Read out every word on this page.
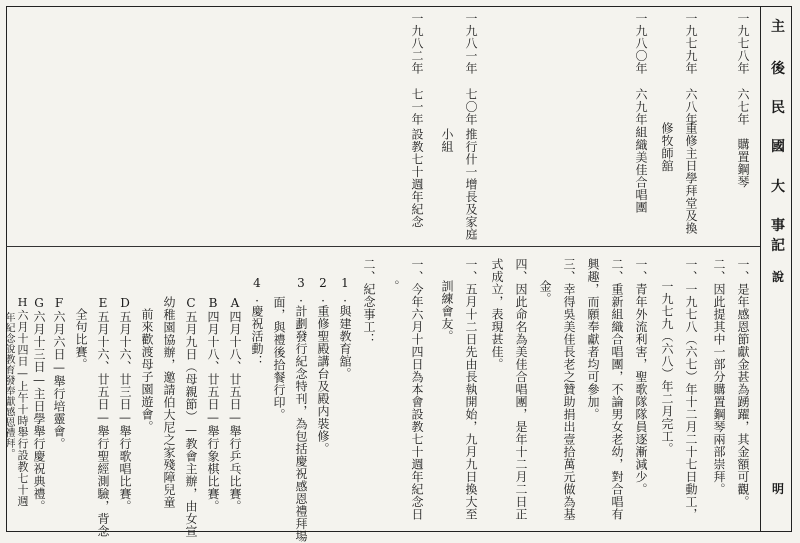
主
後
民
國
大
事
記
說
明
一九七八年
六七年
購置鋼琴
一九七九年
六八年
重修主日學拜堂及換
修牧師舘
一九八〇年
六九年
組織美佳合唱團
一九八一年
七〇年
推行什一增長及家庭
小組
一九八二年
七一年
設教七十週年紀念
一、是年感恩節獻金甚為踴躍，其金額可觀。
二、因此提其中一部分購置鋼琴兩部崇拜。
一、一九七八（六七）年十二月二十七日動工，
一九七九（六八）年二月完工。
一、青年外流利害，聖歌隊隊員逐漸減少。
二、重新組織合唱團，不論男女老幼，對合唱有
興趣，而願奉獻者均可參加。
三、幸得吳美佳長老之贊助捐出壹拾萬元做為基
金。
四、因此命名為美佳合唱團，是年十二月二日正
式成立，表現甚佳。
一、五月十二日先由長執開始，九月九日換大至
訓練會友。
一、今年六月十四日為本會設教七十週年紀念日
。
二、紀念事工：
1.與建教育舘。
2.重修聖殿講台及殿内裝修。
3.計劃發行紀念特刊，為包括慶祝感恩禮拜場
面，與禮後拾餐行印。
4.慶祝活動：
A四月十八、廿五日—舉行乒乓比賽。
B四月十八、廿五日—舉行象棋比賽。
C五月九日（母親節）—教會主辦，由女宣
幼稚園協辦，邀請伯大尼之家殘障兒童
前來歡渡母子園遊會。
D五月十六、廿三日—舉行歌唱比賽。
E五月十六、廿五日—舉行聖經測驗，背念
全句比賽。
F六月六日—舉行培靈會。
G六月十三日—主日學舉行慶祝典禮。
H六月十四日—上午十時舉行設教七十週
年紀念說教育發奉獻感恩禮拜。
